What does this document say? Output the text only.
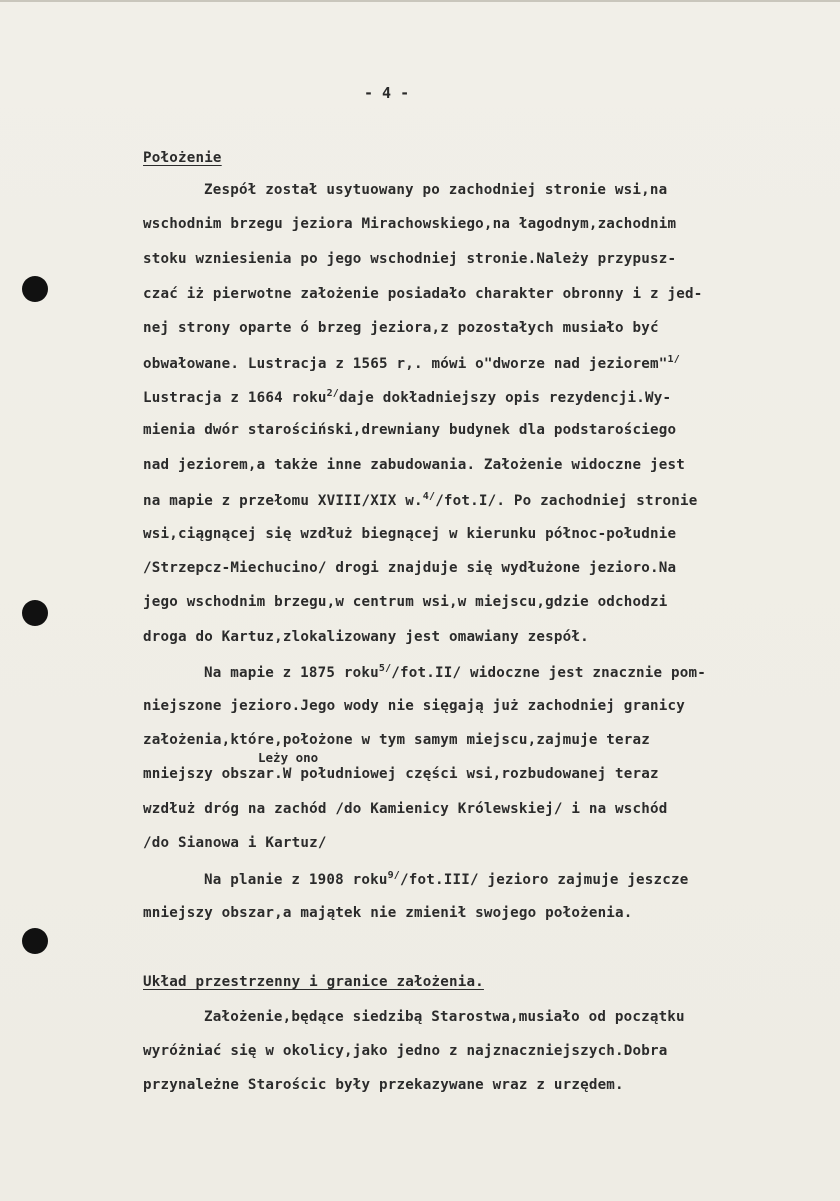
- 4 -
Położenie
Zespół został usytuowany po zachodniej stronie wsi,na
wschodnim brzegu jeziora Mirachowskiego,na łagodnym,zachodnim
stoku wzniesienia po jego wschodniej stronie.Należy przypusz-
czać iż pierwotne założenie posiadało charakter obronny i z jed-
nej strony oparte ó brzeg jeziora,z pozostałych musiało być
obwałowane. Lustracja z 1565 r,. mówi o"dworze nad jeziorem"$^{1/}$
Lustracja z 1664 roku$^{2/}$daje dokładniejszy opis rezydencji.Wy-
mienia dwór starościński,drewniany budynek dla podstarościego
nad jeziorem,a także inne zabudowania. Założenie widoczne jest
na mapie z przełomu XVIII/XIX w.$^{4/}$/fot.I/. Po zachodniej stronie
wsi,ciągnącej się wzdłuż biegnącej w kierunku północ-południe
/Strzepcz-Miechucino/ drogi znajduje się wydłużone jezioro.Na
jego wschodnim brzegu,w centrum wsi,w miejscu,gdzie odchodzi
droga do Kartuz,zlokalizowany jest omawiany zespół.
Na mapie z 1875 roku$^{5/}$/fot.II/ widoczne jest znacznie pom-
niejszone jezioro.Jego wody nie sięgają już zachodniej granicy
założenia,które,położone w tym samym miejscu,zajmuje teraz
Leży ono
mniejszy obszar.W południowej części wsi,rozbudowanej teraz
wzdłuż dróg na zachód /do Kamienicy Królewskiej/ i na wschód
/do Sianowa i Kartuz/
Na planie z 1908 roku$^{9/}$/fot.III/ jezioro zajmuje jeszcze
mniejszy obszar,a majątek nie zmienił swojego położenia.
Układ przestrzenny i granice założenia.
Założenie,będące siedzibą Starostwa,musiało od początku
wyróżniać się w okolicy,jako jedno z najznaczniejszych.Dobra
przynależne Starościc były przekazywane wraz z urzędem.
